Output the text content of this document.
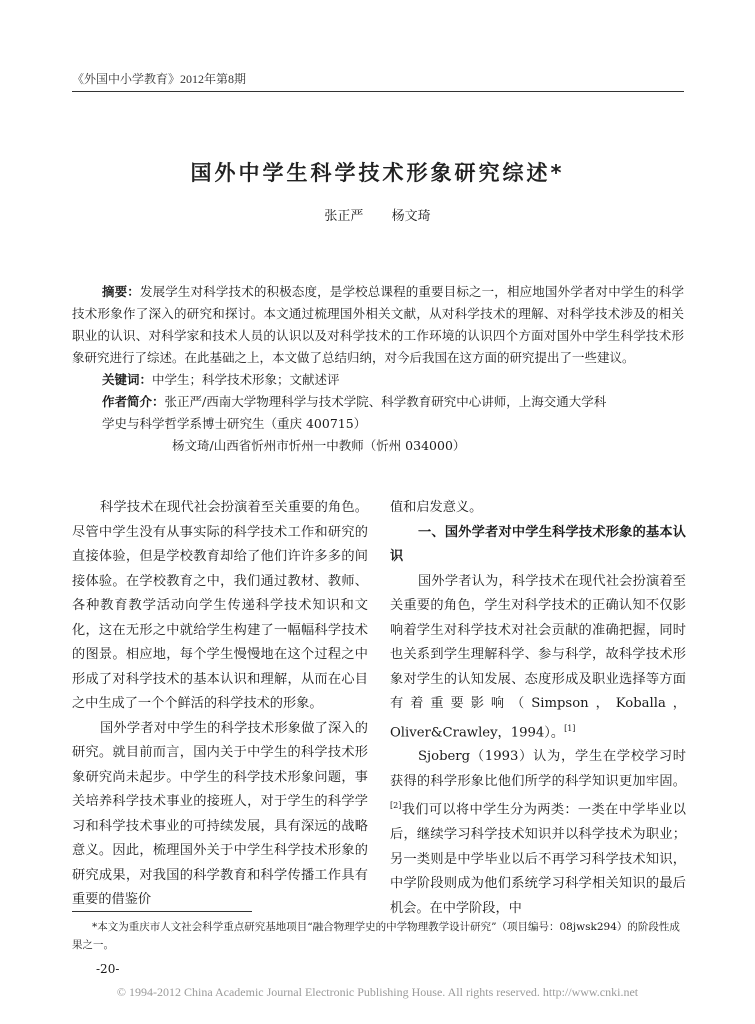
《外国中小学教育》2012年第8期
国外中学生科学技术形象研究综述*
张正严 杨文琦

摘要：发展学生对科学技术的积极态度，是学校总课程的重要目标之一，相应地国外学者对中学生的科学技术形象作了深入的研究和探讨。本文通过梳理国外相关文献，从对科学技术的理解、对科学技术涉及的相关职业的认识、对科学家和技术人员的认识以及对科学技术的工作环境的认识四个方面对国外中学生科学技术形象研究进行了综述。在此基础之上，本文做了总结归纳，对今后我国在这方面的研究提出了一些建议。

关键词：中学生；科学技术形象；文献述评
作者简介：张正严/西南大学物理科学与技术学院、科学教育研究中心讲师，上海交通大学科
学史与科学哲学系博士研究生（重庆 400715）
杨文琦/山西省忻州市忻州一中教师（忻州 034000）

科学技术在现代社会扮演着至关重要的角色。尽管中学生没有从事实际的科学技术工作和研究的直接体验，但是学校教育却给了他们许许多多的间接体验。在学校教育之中，我们通过教材、教师、各种教育教学活动向学生传递科学技术知识和文化，这在无形之中就给学生构建了一幅幅科学技术的图景。相应地，每个学生慢慢地在这个过程之中形成了对科学技术的基本认识和理解，从而在心目之中生成了一个个鲜活的科学技术的形象。

国外学者对中学生的科学技术形象做了深入的研究。就目前而言，国内关于中学生的科学技术形象研究尚未起步。中学生的科学技术形象问题，事关培养科学技术事业的接班人，对于学生的科学学习和科学技术事业的可持续发展，具有深远的战略意义。因此，梳理国外关于中学生科学技术形象的研究成果，对我国的科学教育和科学传播工作具有重要的借鉴价

值和启发意义。

一、国外学者对中学生科学技术形象的基本认识

国外学者认为，科学技术在现代社会扮演着至关重要的角色，学生对科学技术的正确认知不仅影响着学生对科学技术对社会贡献的准确把握，同时也关系到学生理解科学、参与科学，故科学技术形象对学生的认知发展、态度形成及职业选择等方面有着重要影响（Simpson，Koballa，Oliver&Crawley，1994）。[1]

Sjoberg（1993）认为，学生在学校学习时获得的科学形象比他们所学的科学知识更加牢固。[2]我们可以将中学生分为两类：一类在中学毕业以后，继续学习科学技术知识并以科学技术为职业；另一类则是中学毕业以后不再学习科学技术知识，中学阶段则成为他们系统学习科学相关知识的最后机会。在中学阶段，中

*本文为重庆市人文社会科学重点研究基地项目“融合物理学史的中学物理教学设计研究”（项目编号：08jwsk294）的阶段性成果之一。

-20-
© 1994-2012 China Academic Journal Electronic Publishing House. All rights reserved. http://www.cnki.net
